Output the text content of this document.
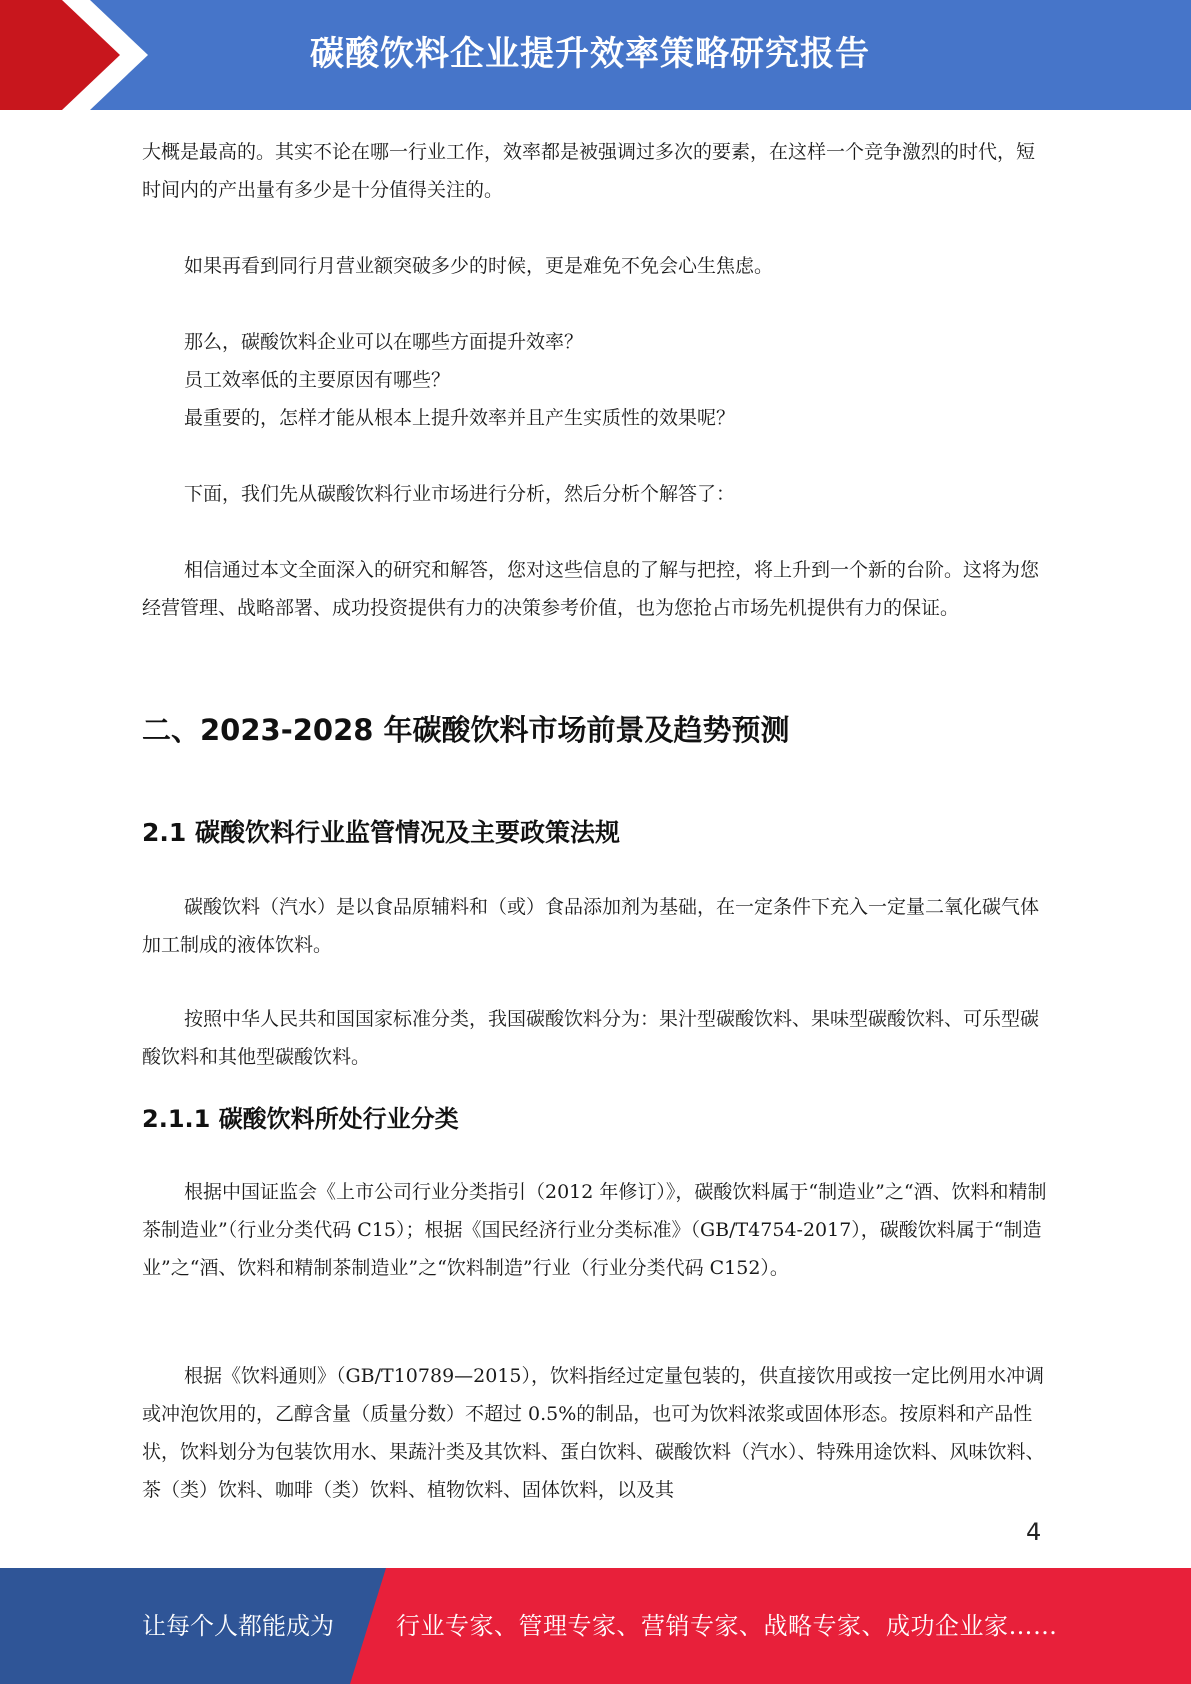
碳酸饮料企业提升效率策略研究报告

大概是最高的。其实不论在哪一行业工作，效率都是被强调过多次的要素，在这样一个竞争激烈的时代，短时间内的产出量有多少是十分值得关注的。

如果再看到同行月营业额突破多少的时候，更是难免不免会心生焦虑。

那么，碳酸饮料企业可以在哪些方面提升效率？

员工效率低的主要原因有哪些？

最重要的，怎样才能从根本上提升效率并且产生实质性的效果呢？

下面，我们先从碳酸饮料行业市场进行分析，然后分析个解答了：

相信通过本文全面深入的研究和解答，您对这些信息的了解与把控，将上升到一个新的台阶。这将为您经营管理、战略部署、成功投资提供有力的决策参考价值，也为您抢占市场先机提供有力的保证。

二、2023-2028 年碳酸饮料市场前景及趋势预测
2.1 碳酸饮料行业监管情况及主要政策法规

碳酸饮料（汽水）是以食品原辅料和（或）食品添加剂为基础，在一定条件下充入一定量二氧化碳气体加工制成的液体饮料。

按照中华人民共和国国家标准分类，我国碳酸饮料分为：果汁型碳酸饮料、果味型碳酸饮料、可乐型碳酸饮料和其他型碳酸饮料。

2.1.1 碳酸饮料所处行业分类

根据中国证监会《上市公司行业分类指引（2012 年修订）》，碳酸饮料属于“制造业”之“酒、饮料和精制茶制造业”（行业分类代码 C15）；根据《国民经济行业分类标准》（GB/T4754-2017），碳酸饮料属于“制造业”之“酒、饮料和精制茶制造业”之“饮料制造”行业（行业分类代码 C152）。

根据《饮料通则》（GB/T10789—2015），饮料指经过定量包装的，供直接饮用或按一定比例用水冲调或冲泡饮用的，乙醇含量（质量分数）不超过 0.5%的制品，也可为饮料浓浆或固体形态。按原料和产品性状，饮料划分为包装饮用水、果蔬汁类及其饮料、蛋白饮料、碳酸饮料（汽水）、特殊用途饮料、风味饮料、茶（类）饮料、咖啡（类）饮料、植物饮料、固体饮料，以及其

4
让每个人都能成为	行业专家、管理专家、营销专家、战略专家、成功企业家……
